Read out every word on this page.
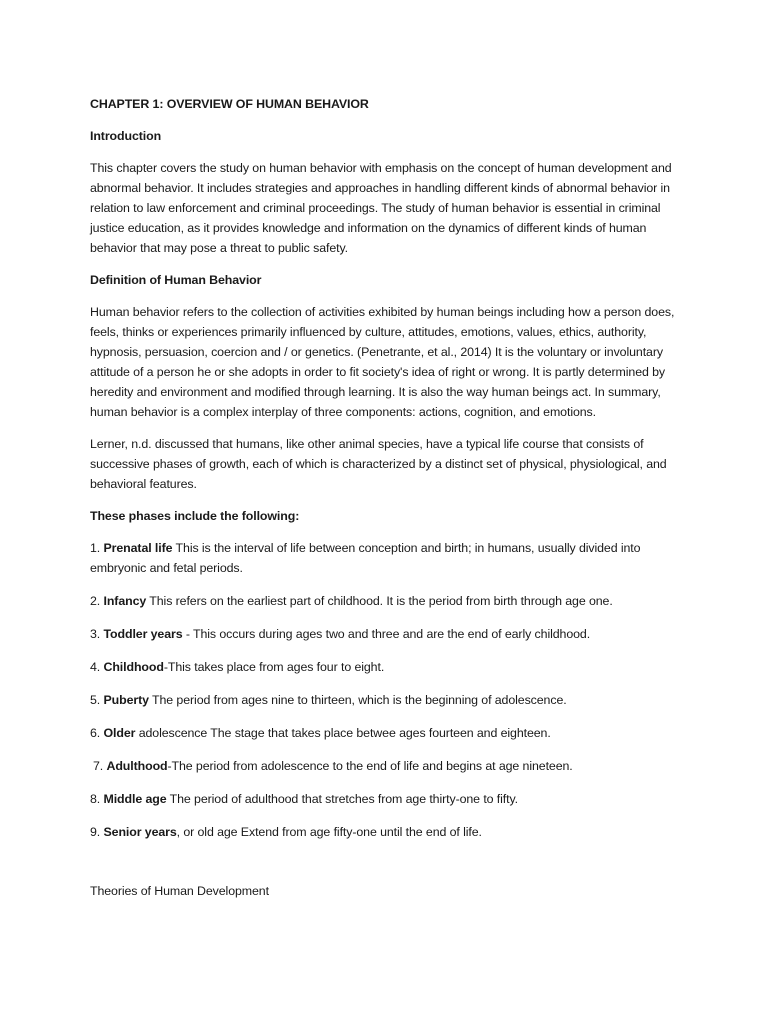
CHAPTER 1: OVERVIEW OF HUMAN BEHAVIOR

Introduction

This chapter covers the study on human behavior with emphasis on the concept of human development and abnormal behavior. It includes strategies and approaches in handling different kinds of abnormal behavior in relation to law enforcement and criminal proceedings. The study of human behavior is essential in criminal justice education, as it provides knowledge and information on the dynamics of different kinds of human behavior that may pose a threat to public safety.

Definition of Human Behavior

Human behavior refers to the collection of activities exhibited by human beings including how a person does, feels, thinks or experiences primarily influenced by culture, attitudes, emotions, values, ethics, authority, hypnosis, persuasion, coercion and / or genetics. (Penetrante, et al., 2014) It is the voluntary or involuntary attitude of a person he or she adopts in order to fit society's idea of right or wrong. It is partly determined by heredity and environment and modified through learning. It is also the way human beings act. In summary, human behavior is a complex interplay of three components: actions, cognition, and emotions.

Lerner, n.d. discussed that humans, like other animal species, have a typical life course that consists of successive phases of growth, each of which is characterized by a distinct set of physical, physiological, and behavioral features.

These phases include the following:

1. Prenatal life This is the interval of life between conception and birth; in humans, usually divided into embryonic and fetal periods.

2. Infancy This refers on the earliest part of childhood. It is the period from birth through age one.

3. Toddler years - This occurs during ages two and three and are the end of early childhood.

4. Childhood-This takes place from ages four to eight.

5. Puberty The period from ages nine to thirteen, which is the beginning of adolescence.

6. Older adolescence The stage that takes place betwee ages fourteen and eighteen.

7. Adulthood-The period from adolescence to the end of life and begins at age nineteen.

8. Middle age The period of adulthood that stretches from age thirty-one to fifty.

9. Senior years, or old age Extend from age fifty-one until the end of life.

Theories of Human Development
